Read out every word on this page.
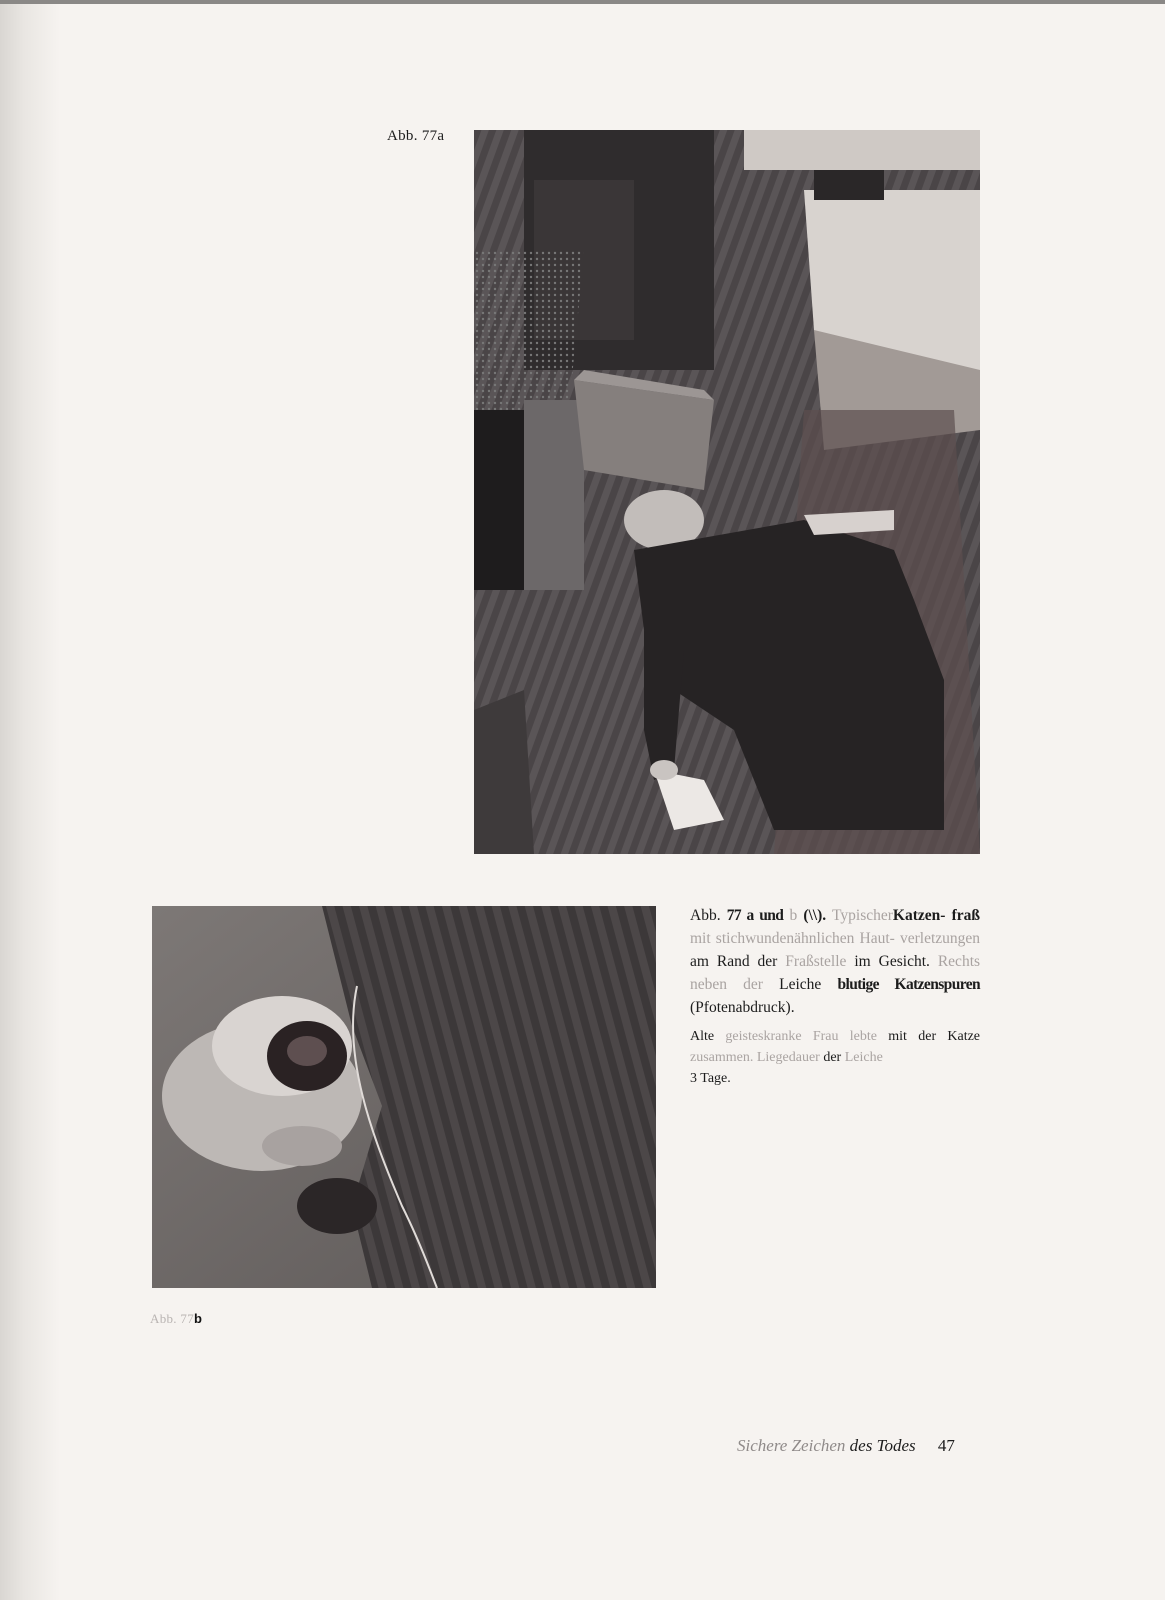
Abb. 77a
Abb. 77b
Abb. 77 a und b (\\). TypischerKatzen- fraß mit stichwundenähnlichen Haut- verletzungen am Rand der Fraßstelle im Gesicht. Rechts neben der Leiche blutige Katzenspuren (Pfotenabdruck).
Alte geisteskranke Frau lebte mit der Katze zusammen. Liegedauer der Leiche
3 Tage.
Sichere Zeichen des Todes 47
